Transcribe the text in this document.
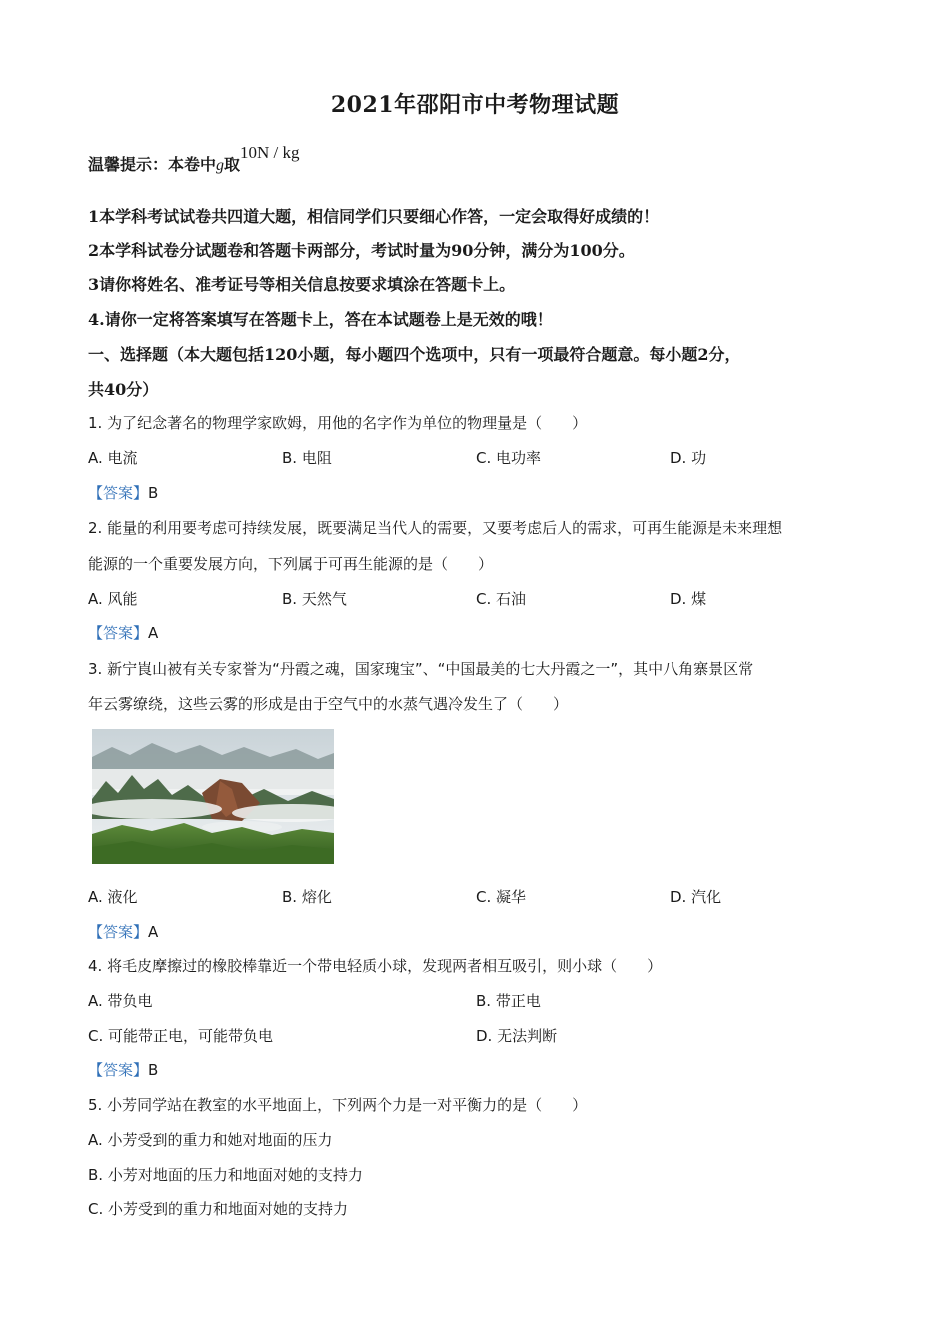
2021年邵阳市中考物理试题
温馨提示：本卷中g取$^{10N / kg}$
1本学科考试试卷共四道大题，相信同学们只要细心作答，一定会取得好成绩的！
2本学科试卷分试题卷和答题卡两部分，考试时量为90分钟，满分为100分。
3请你将姓名、准考证号等相关信息按要求填涂在答题卡上。
4.请你一定将答案填写在答题卡上，答在本试题卷上是无效的哦！
一、选择题（本大题包括120小题，每小题四个选项中，只有一项最符合题意。每小题2分，
共40分）
1. 为了纪念著名的物理学家欧姆，用他的名字作为单位的物理量是（　　）
A. 电流	B. 电阻	C. 电功率	D. 功
【答案】B
2. 能量的利用要考虑可持续发展，既要满足当代人的需要，又要考虑后人的需求，可再生能源是未来理想
能源的一个重要发展方向，下列属于可再生能源的是（　　）
A. 风能	B. 天然气	C. 石油	D. 煤
【答案】A
3. 新宁崀山被有关专家誉为“丹霞之魂，国家瑰宝”、“中国最美的七大丹霞之一”，其中八角寨景区常
年云雾缭绕，这些云雾的形成是由于空气中的水蒸气遇冷发生了（　　）
A. 液化	B. 熔化	C. 凝华	D. 汽化
【答案】A
4. 将毛皮摩擦过的橡胶棒靠近一个带电轻质小球，发现两者相互吸引，则小球（　　）
A. 带负电	B. 带正电
C. 可能带正电，可能带负电	D. 无法判断
【答案】B
5. 小芳同学站在教室的水平地面上，下列两个力是一对平衡力的是（　　）
A. 小芳受到的重力和她对地面的压力
B. 小芳对地面的压力和地面对她的支持力
C. 小芳受到的重力和地面对她的支持力
